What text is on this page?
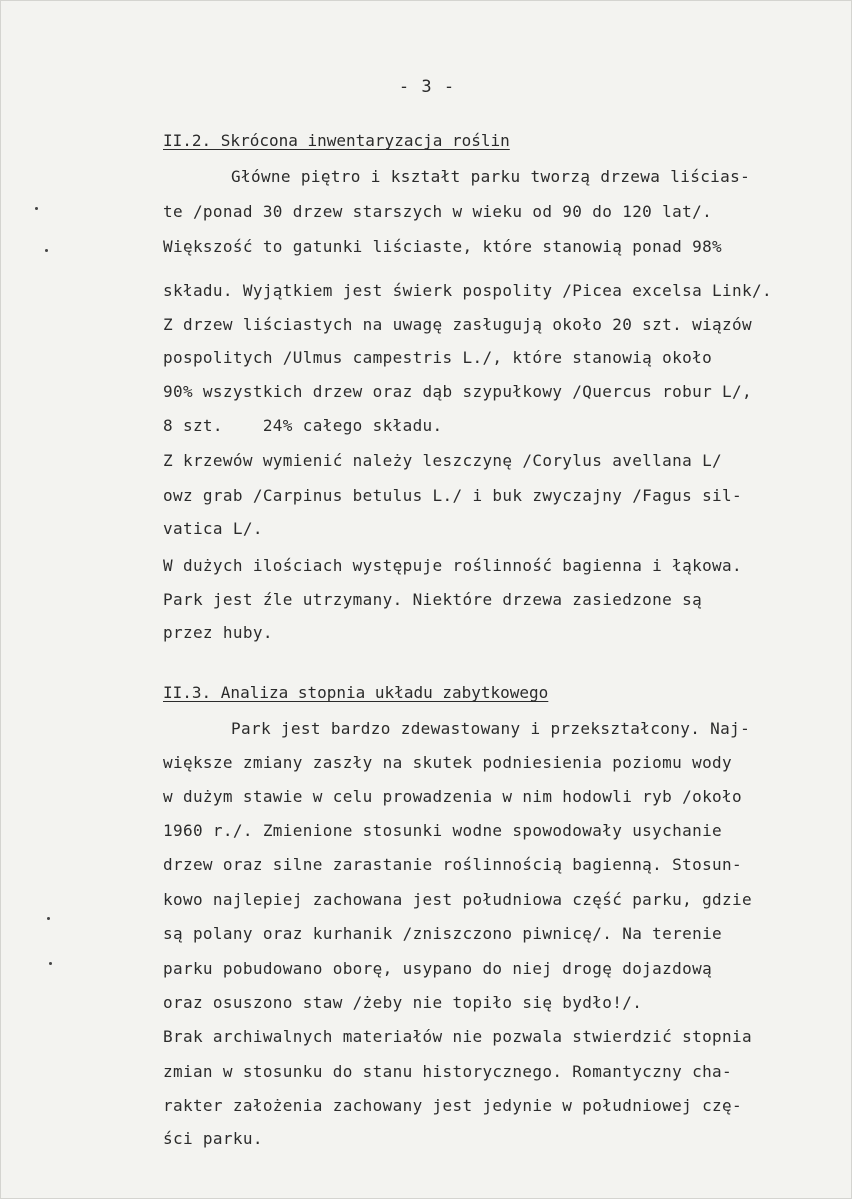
- 3 -
II.2. Skrócona inwentaryzacja roślin
Główne piętro i kształt parku tworzą drzewa liścias-
te /ponad 30 drzew starszych w wieku od 90 do 120 lat/.
Większość to gatunki liściaste, które stanowią ponad 98%
składu. Wyjątkiem jest świerk pospolity /Picea excelsa Link/.
Z drzew liściastych na uwagę zasługują około 20 szt. wiązów
pospolitych /Ulmus campestris L./, które stanowią około
90% wszystkich drzew oraz dąb szypułkowy /Quercus robur L/,
8 szt.    24% całego składu.
Z krzewów wymienić należy leszczynę /Corylus avellana L/
owz grab /Carpinus betulus L./ i buk zwyczajny /Fagus sil-
vatica L/.
W dużych ilościach występuje roślinność bagienna i łąkowa.
Park jest źle utrzymany. Niektóre drzewa zasiedzone są
przez huby.
II.3. Analiza stopnia układu zabytkowego
Park jest bardzo zdewastowany i przekształcony. Naj-
większe zmiany zaszły na skutek podniesienia poziomu wody
w dużym stawie w celu prowadzenia w nim hodowli ryb /około
1960 r./. Zmienione stosunki wodne spowodowały usychanie
drzew oraz silne zarastanie roślinnością bagienną. Stosun-
kowo najlepiej zachowana jest południowa część parku, gdzie
są polany oraz kurhanik /zniszczono piwnicę/. Na terenie
parku pobudowano oborę, usypano do niej drogę dojazdową
oraz osuszono staw /żeby nie topiło się bydło!/.
Brak archiwalnych materiałów nie pozwala stwierdzić stopnia
zmian w stosunku do stanu historycznego. Romantyczny cha-
rakter założenia zachowany jest jedynie w południowej czę-
ści parku.
